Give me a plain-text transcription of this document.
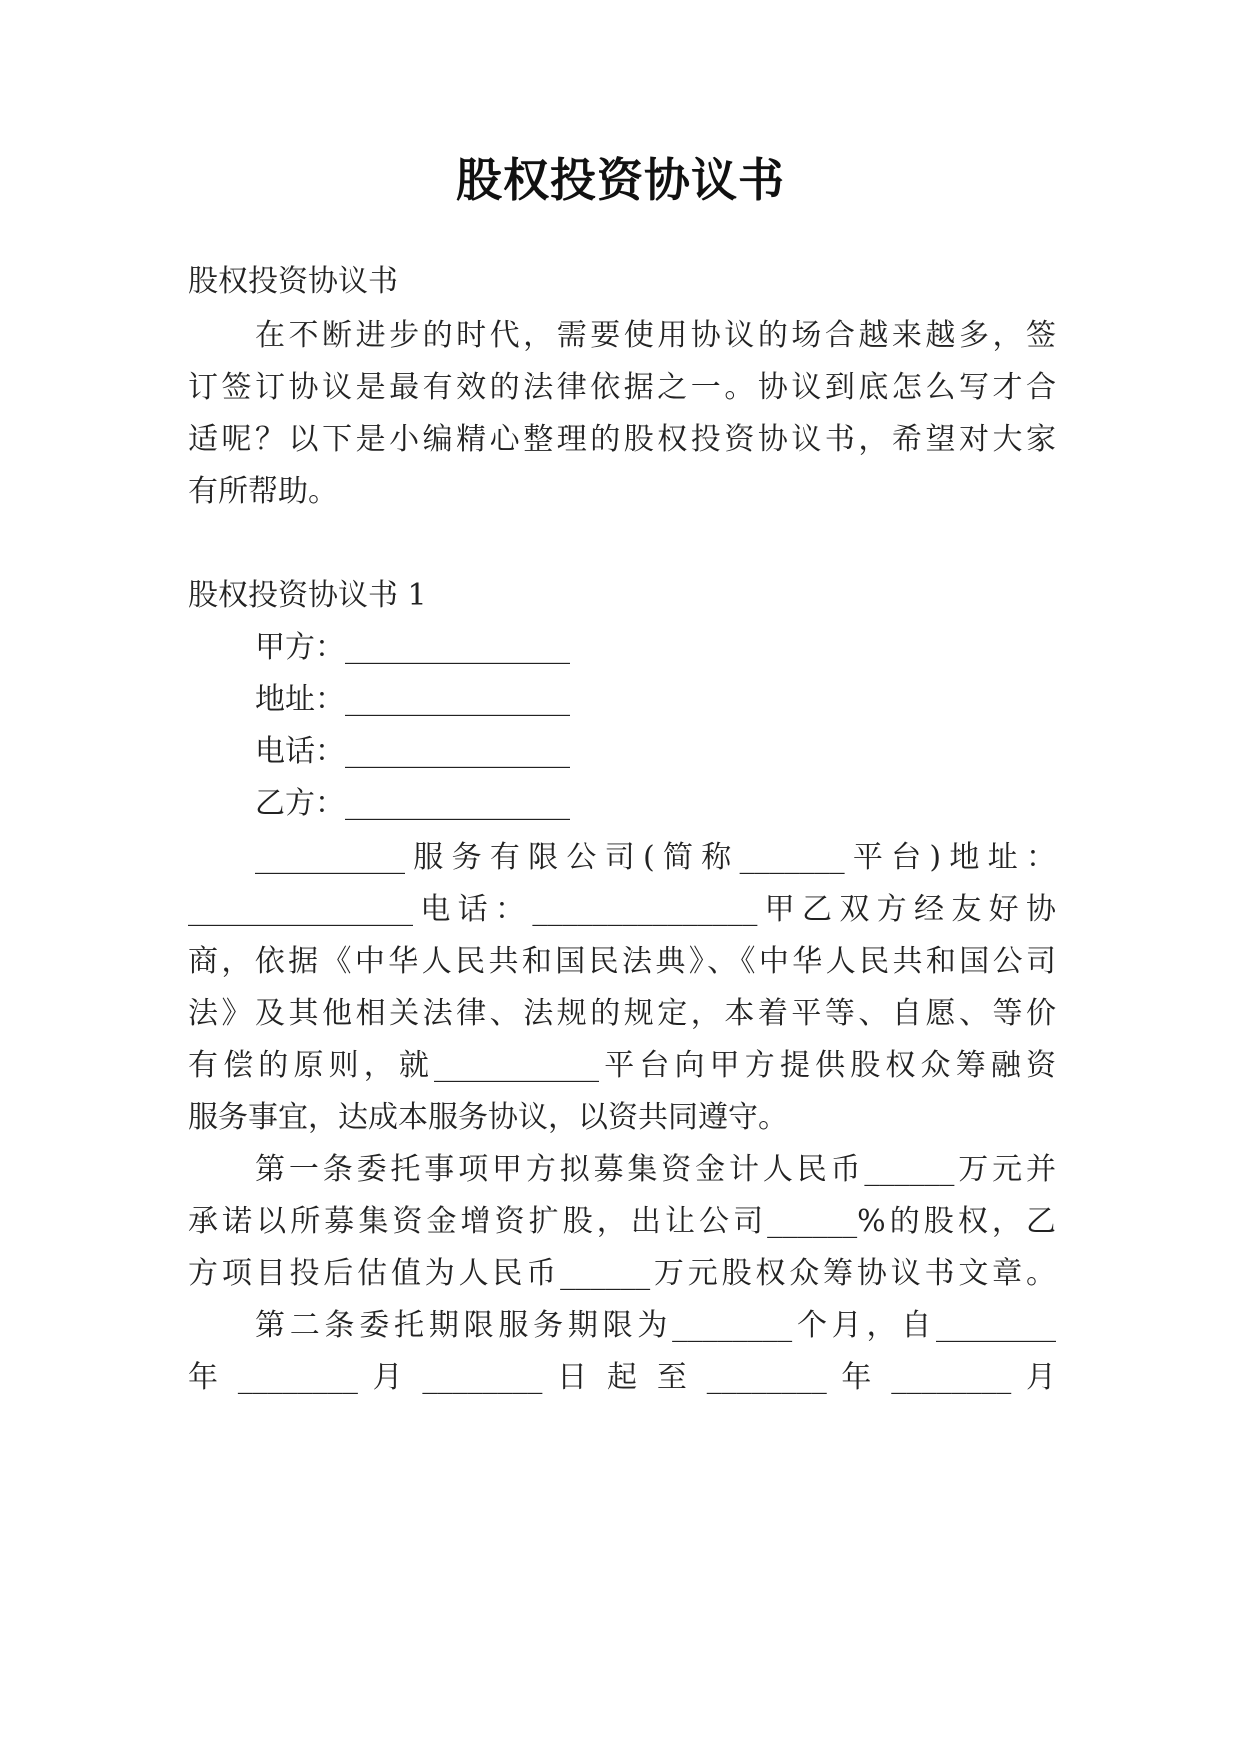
股权投资协议书
股权投资协议书
在不断进步的时代，需要使用协议的场合越来越多，签
订签订协议是最有效的法律依据之一。协议到底怎么写才合
适呢？以下是小编精心整理的股权投资协议书，希望对大家
有所帮助。
股权投资协议书 1
甲方：_______________
地址：_______________
电话：_______________
乙方：_______________
__________服务有限公司(简称_______平台)地址：
_______________电话：_______________甲乙双方经友好协
商，依据《中华人民共和国民法典》、《中华人民共和国公司
法》及其他相关法律、法规的规定，本着平等、自愿、等价
有偿的原则，就___________平台向甲方提供股权众筹融资
服务事宜，达成本服务协议，以资共同遵守。
第一条委托事项甲方拟募集资金计人民币______万元并
承诺以所募集资金增资扩股，出让公司______%的股权，乙
方项目投后估值为人民币______万元股权众筹协议书文章。
第二条委托期限服务期限为________个月，自________
年 ________ 月 ________ 日 起 至 ________ 年 ________ 月
